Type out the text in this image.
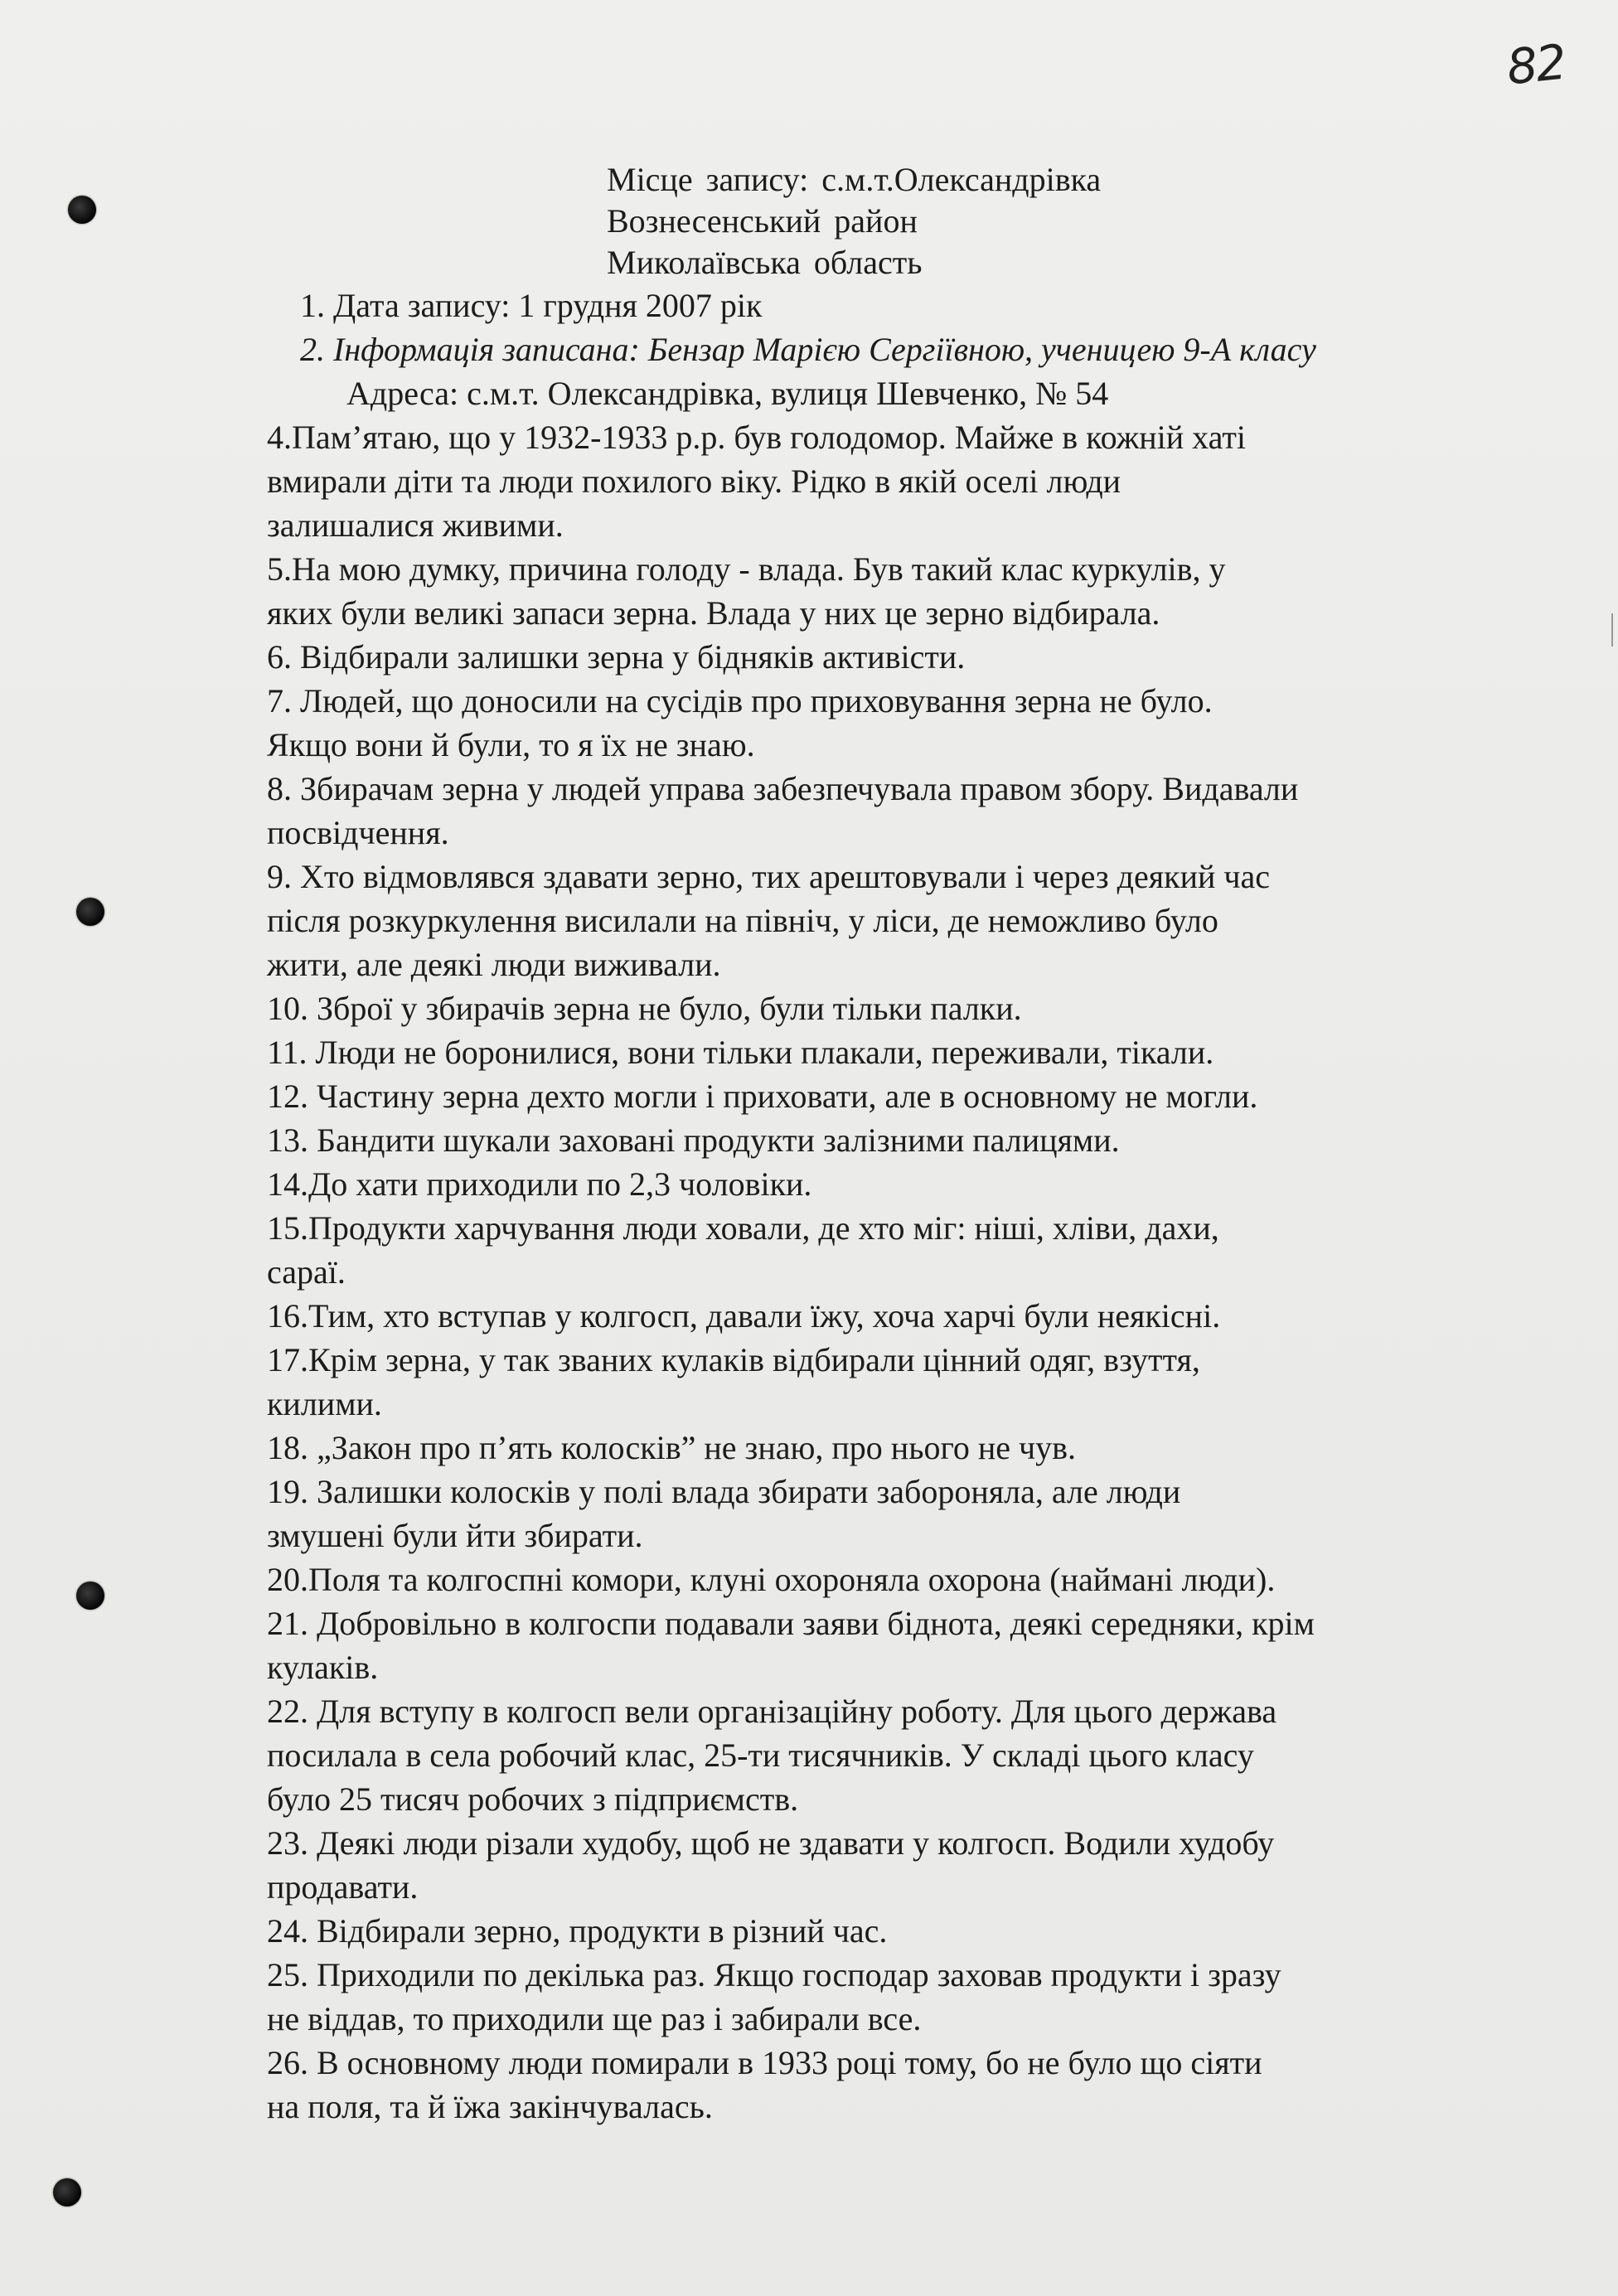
82
Місце запису: с.м.т.Олександрівка
Вознесенський район
Миколаївська область
1. Дата запису: 1 грудня 2007 рік
2. Інформація записана: Бензар Марією Сергіївною, ученицею 9-А класу
Адреса: с.м.т. Олександрівка, вулиця Шевченко, № 54
4.Пам’ятаю, що у 1932-1933 р.р. був голодомор. Майже в кожній хаті
вмирали діти та люди похилого віку. Рідко в якій оселі люди
залишалися живими.
5.На мою думку, причина голоду - влада. Був такий клас куркулів, у
яких були великі запаси зерна. Влада у них це зерно відбирала.
6. Відбирали залишки зерна у бідняків активісти.
7. Людей, що доносили на сусідів про приховування зерна не було.
Якщо вони й були, то я їх не знаю.
8. Збирачам зерна у людей управа забезпечувала правом збору. Видавали
посвідчення.
9. Хто відмовлявся здавати зерно, тих арештовували і через деякий час
після розкуркулення висилали на північ, у ліси, де неможливо було
жити, але деякі люди виживали.
10. Зброї у збирачів зерна не було, були тільки палки.
11. Люди не боронилися, вони тільки плакали, переживали, тікали.
12. Частину зерна дехто могли і приховати, але в основному не могли.
13. Бандити шукали заховані продукти залізними палицями.
14.До хати приходили по 2,3 чоловіки.
15.Продукти харчування люди ховали, де хто міг: ніші, хліви, дахи,
сараї.
16.Тим, хто вступав у колгосп, давали їжу, хоча харчі були неякісні.
17.Крім зерна, у так званих кулаків відбирали цінний одяг, взуття,
килими.
18. „Закон про п’ять колосків” не знаю, про нього не чув.
19. Залишки колосків у полі влада збирати забороняла, але люди
змушені були йти збирати.
20.Поля та колгоспні комори, клуні охороняла охорона (наймані люди).
21. Добровільно в колгоспи подавали заяви біднота, деякі середняки, крім
кулаків.
22. Для вступу в колгосп вели організаційну роботу. Для цього держава
посилала в села робочий клас, 25-ти тисячників. У складі цього класу
було 25 тисяч робочих з підприємств.
23. Деякі люди різали худобу, щоб не здавати у колгосп. Водили худобу
продавати.
24. Відбирали зерно, продукти в різний час.
25. Приходили по декілька раз. Якщо господар заховав продукти і зразу
не віддав, то приходили ще раз і забирали все.
26. В основному люди помирали в 1933 році тому, бо не було що сіяти
на поля, та й їжа закінчувалась.
